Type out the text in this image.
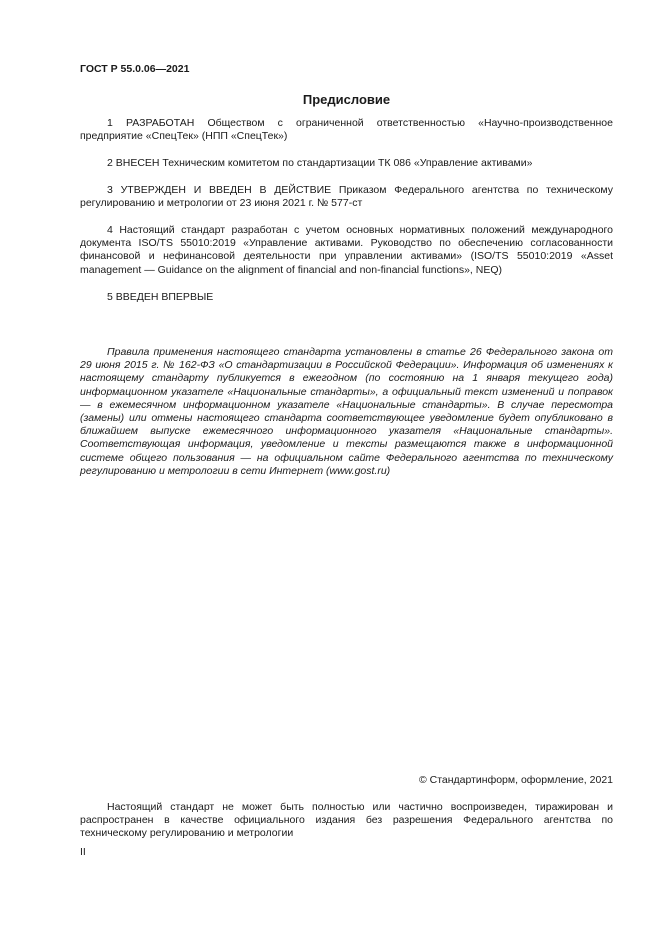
ГОСТ Р 55.0.06—2021
Предисловие

1 РАЗРАБОТАН Обществом с ограниченной ответственностью «Научно-производственное предприятие «СпецТек» (НПП «СпецТек»)

2 ВНЕСЕН Техническим комитетом по стандартизации ТК 086 «Управление активами»

3 УТВЕРЖДЕН И ВВЕДЕН В ДЕЙСТВИЕ Приказом Федерального агентства по техническому регулированию и метрологии от 23 июня 2021 г. № 577-ст

4 Настоящий стандарт разработан с учетом основных нормативных положений международного документа ISO/TS 55010:2019 «Управление активами. Руководство по обеспечению согласованности финансовой и нефинансовой деятельности при управлении активами» (ISO/TS 55010:2019 «Asset management — Guidance on the alignment of financial and non-financial functions», NEQ)

5 ВВЕДЕН ВПЕРВЫЕ

Правила применения настоящего стандарта установлены в статье 26 Федерального закона от 29 июня 2015 г. № 162-ФЗ «О стандартизации в Российской Федерации». Информация об изменениях к настоящему стандарту публикуется в ежегодном (по состоянию на 1 января текущего года) информационном указателе «Национальные стандарты», а официальный текст изменений и поправок — в ежемесячном информационном указателе «Национальные стандарты». В случае пересмотра (замены) или отмены настоящего стандарта соответствующее уведомление будет опубликовано в ближайшем выпуске ежемесячного информационного указателя «Национальные стандарты». Соответствующая информация, уведомление и тексты размещаются также в информационной системе общего пользования — на официальном сайте Федерального агентства по техническому регулированию и метрологии в сети Интернет (www.gost.ru)

© Стандартинформ, оформление, 2021

Настоящий стандарт не может быть полностью или частично воспроизведен, тиражирован и распространен в качестве официального издания без разрешения Федерального агентства по техническому регулированию и метрологии

II
